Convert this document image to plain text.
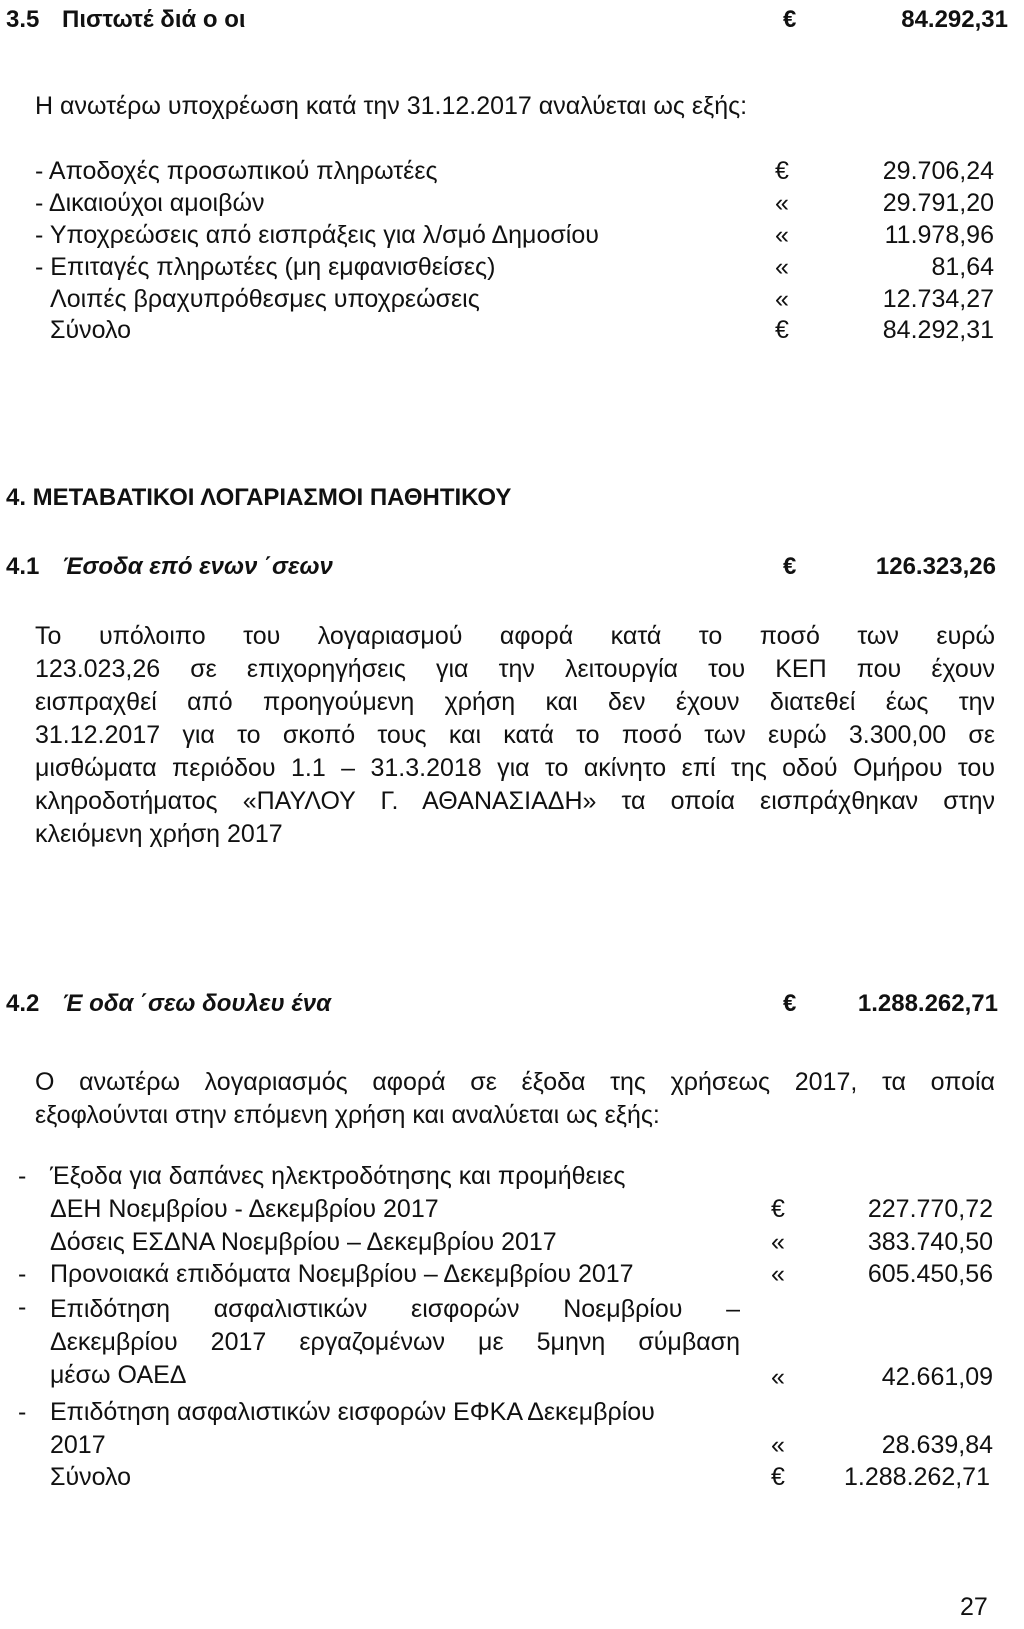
3.5 Πιστωτέ διά ο οι	€	84.292,31
Η ανωτέρω υποχρέωση κατά την 31.12.2017 αναλύεται ως εξής:
- Αποδοχές προσωπικού πληρωτέες	€	29.706,24
- Δικαιούχοι αμοιβών	«	29.791,20
- Υποχρεώσεις από εισπράξεις για λ/σμό Δημοσίου	«	11.978,96
- Επιταγές πληρωτέες (μη εμφανισθείσες)	«	81,64
Λοιπές βραχυπρόθεσμες υποχρεώσεις	«	12.734,27
Σύνολο	€	84.292,31
4. ΜΕΤΑΒΑΤΙΚΟΙ ΛΟΓΑΡΙΑΣΜΟΙ ΠΑΘΗΤΙΚΟΥ
4.1 Έσοδα επό ενων ΄σεων	€	126.323,26
Το υπόλοιπο του λογαριασμού αφορά κατά το ποσό των ευρώ
123.023,26 σε επιχορηγήσεις για την λειτουργία του ΚΕΠ που έχουν
εισπραχθεί από προηγούμενη χρήση και δεν έχουν διατεθεί έως την
31.12.2017 για το σκοπό τους και κατά το ποσό των ευρώ 3.300,00 σε
μισθώματα περιόδου 1.1 – 31.3.2018 για το ακίνητο επί της οδού Ομήρου του
κληροδοτήματος «ΠΑΥΛΟΥ Γ. ΑΘΑΝΑΣΙΑΔΗ» τα οποία εισπράχθηκαν στην
κλειόμενη χρήση 2017
4.2 Έ οδα ΄σεω δουλευ ένα	€	1.288.262,71
Ο ανωτέρω λογαριασμός αφορά σε έξοδα της χρήσεως 2017, τα οποία
εξοφλούνται στην επόμενη χρήση και αναλύεται ως εξής:
- Έξοδα για δαπάνες ηλεκτροδότησης και προμήθειες
ΔΕΗ Νοεμβρίου - Δεκεμβρίου 2017	€	227.770,72
Δόσεις ΕΣΔΝΑ Νοεμβρίου – Δεκεμβρίου 2017	«	383.740,50
- Προνοιακά επιδόματα Νοεμβρίου – Δεκεμβρίου 2017	«	605.450,56
- Επιδότηση ασφαλιστικών εισφορών Νοεμβρίου –
Δεκεμβρίου 2017 εργαζομένων με 5μηνη σύμβαση
μέσω ΟΑΕΔ	«	42.661,09
- Επιδότηση ασφαλιστικών εισφορών ΕΦΚΑ Δεκεμβρίου
2017	«	28.639,84
Σύνολο	€	1.288.262,71
27
